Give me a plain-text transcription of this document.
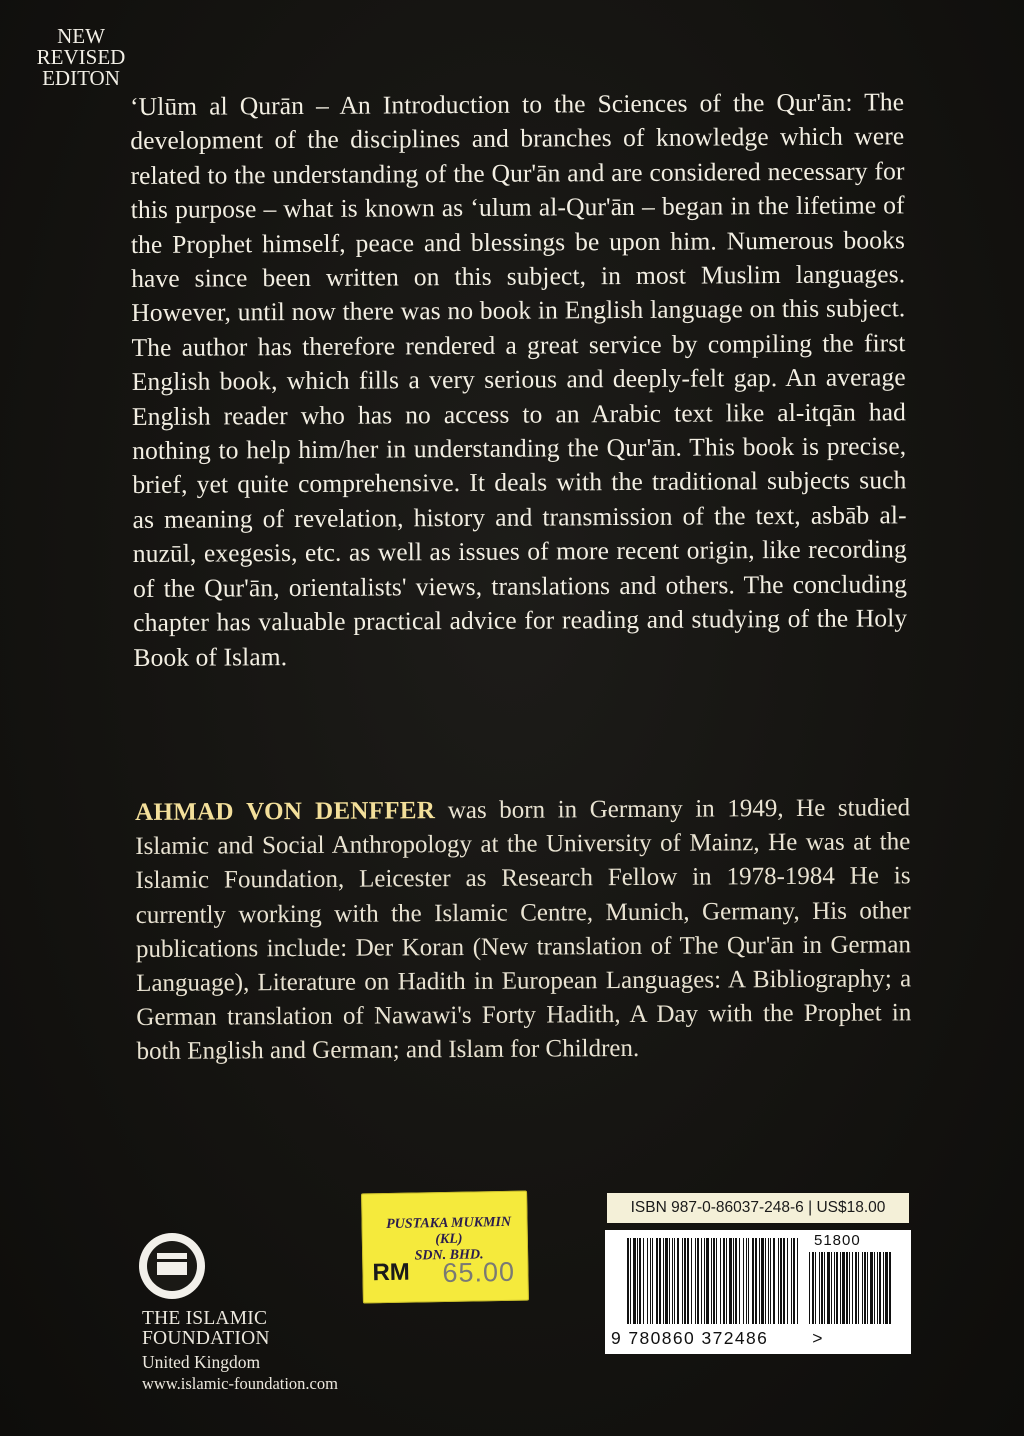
NEW
REVISED
EDITON
‘Ulūm al Qurān – An Introduction to the Sciences of the Qur'ān: The development of the disciplines and branches of knowledge which were related to the understanding of the Qur'ān and are considered necessary for this purpose – what is known as ‘ulum al-Qur'ān – began in the lifetime of the Prophet himself, peace and blessings be upon him. Numerous books have since been written on this subject, in most Muslim languages. However, until now there was no book in English language on this subject. The author has therefore rendered a great service by compiling the first English book, which fills a very serious and deeply-felt gap. An average English reader who has no access to an Arabic text like al-itqān had nothing to help him/her in understanding the Qur'ān. This book is precise, brief, yet quite comprehensive. It deals with the traditional subjects such as meaning of revelation, history and transmission of the text, asbāb al-nuzūl, exegesis, etc. as well as issues of more recent origin, like recording of the Qur'ān, orientalists' views, translations and others. The concluding chapter has valuable practical advice for reading and studying of the Holy Book of Islam.
AHMAD VON DENFFER was born in Germany in 1949, He studied Islamic and Social Anthropology at the University of Mainz, He was at the Islamic Foundation, Leicester as Research Fellow in 1978-1984 He is currently working with the Islamic Centre, Munich, Germany, His other publications include: Der Koran (New translation of The Qur'ān in German Language), Literature on Hadith in European Languages: A Bibliography; a German translation of Nawawi's Forty Hadith, A Day with the Prophet in both English and German; and Islam for Children.
THE ISLAMIC
FOUNDATION
United Kingdom
www.islamic-foundation.com
PUSTAKA MUKMIN (KL)
SDN. BHD.
RM 65.00
ISBN 987-0-86037-248-6 | US$18.00
51800
9 780860 372486	>
